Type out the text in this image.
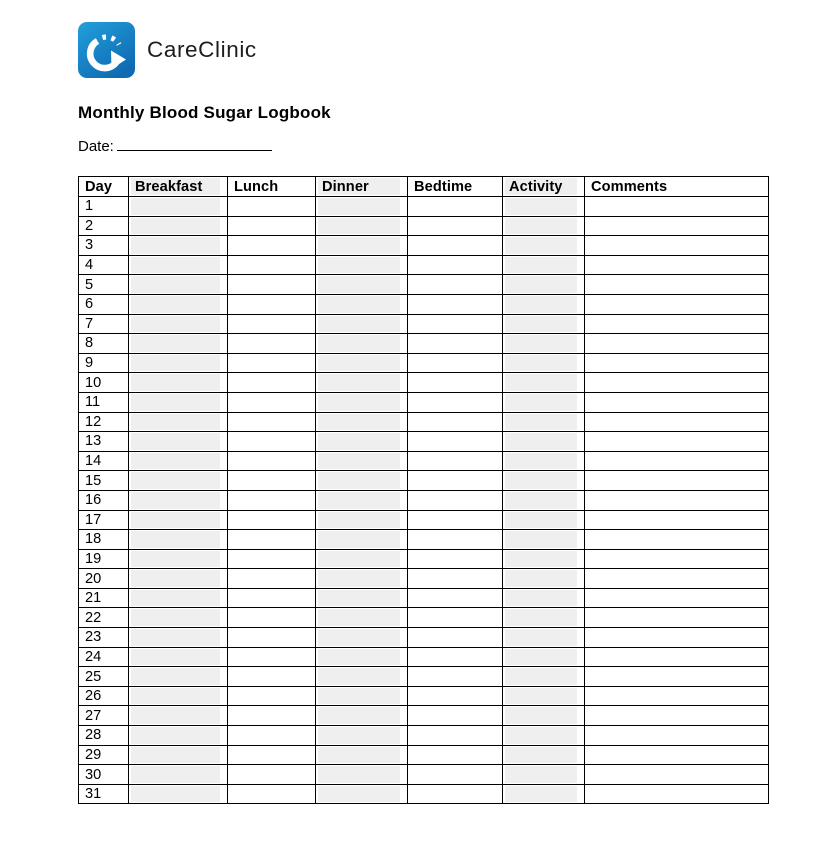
CareClinic
Monthly Blood Sugar Logbook
Date:
Day	Breakfast	Lunch	Dinner	Bedtime	Activity	Comments
1						
2						
3						
4						
5						
6						
7						
8						
9						
10						
11						
12						
13						
14						
15						
16						
17						
18						
19						
20						
21						
22						
23						
24						
25						
26						
27						
28						
29						
30						
31						
